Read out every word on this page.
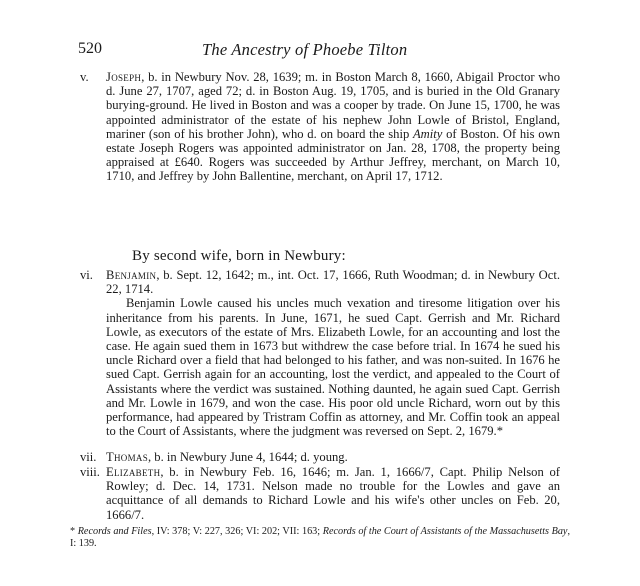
520	The Ancestry of Phoebe Tilton
v.	Joseph, b. in Newbury Nov. 28, 1639; m. in Boston March 8, 1660, Abigail Proctor who d. June 27, 1707, aged 72; d. in Boston Aug. 19, 1705, and is buried in the Old Granary burying-ground. He lived in Boston and was a cooper by trade. On June 15, 1700, he was appointed administrator of the estate of his nephew John Lowle of Bristol, England, mariner (son of his brother John), who d. on board the ship Amity of Boston. Of his own estate Joseph Rogers was appointed administrator on Jan. 28, 1708, the property being appraised at £640. Rogers was succeeded by Arthur Jeffrey, merchant, on March 10, 1710, and Jeffrey by John Ballentine, merchant, on April 17, 1712.
By second wife, born in Newbury:
vi.	Benjamin, b. Sept. 12, 1642; m., int. Oct. 17, 1666, Ruth Woodman; d. in Newbury Oct. 22, 1714.
Benjamin Lowle caused his uncles much vexation and tiresome litigation over his inheritance from his parents. In June, 1671, he sued Capt. Gerrish and Mr. Richard Lowle, as executors of the estate of Mrs. Elizabeth Lowle, for an accounting and lost the case. He again sued them in 1673 but withdrew the case before trial. In 1674 he sued his uncle Richard over a field that had belonged to his father, and was non-suited. In 1676 he sued Capt. Gerrish again for an accounting, lost the verdict, and appealed to the Court of Assistants where the verdict was sustained. Nothing daunted, he again sued Capt. Gerrish and Mr. Lowle in 1679, and won the case. His poor old uncle Richard, worn out by this performance, had appeared by Tristram Coffin as attorney, and Mr. Coffin took an appeal to the Court of Assistants, where the judgment was reversed on Sept. 2, 1679.*
vii. Thomas, b. in Newbury June 4, 1644; d. young.
viii. Elizabeth, b. in Newbury Feb. 16, 1646; m. Jan. 1, 1666/7, Capt. Philip Nelson of Rowley; d. Dec. 14, 1731. Nelson made no trouble for the Lowles and gave an acquittance of all demands to Richard Lowle and his wife's other uncles on Feb. 20, 1666/7.
* Records and Files, IV: 378; V: 227, 326; VI: 202; VII: 163; Records of the Court of Assistants of the Massachusetts Bay, I: 139.
